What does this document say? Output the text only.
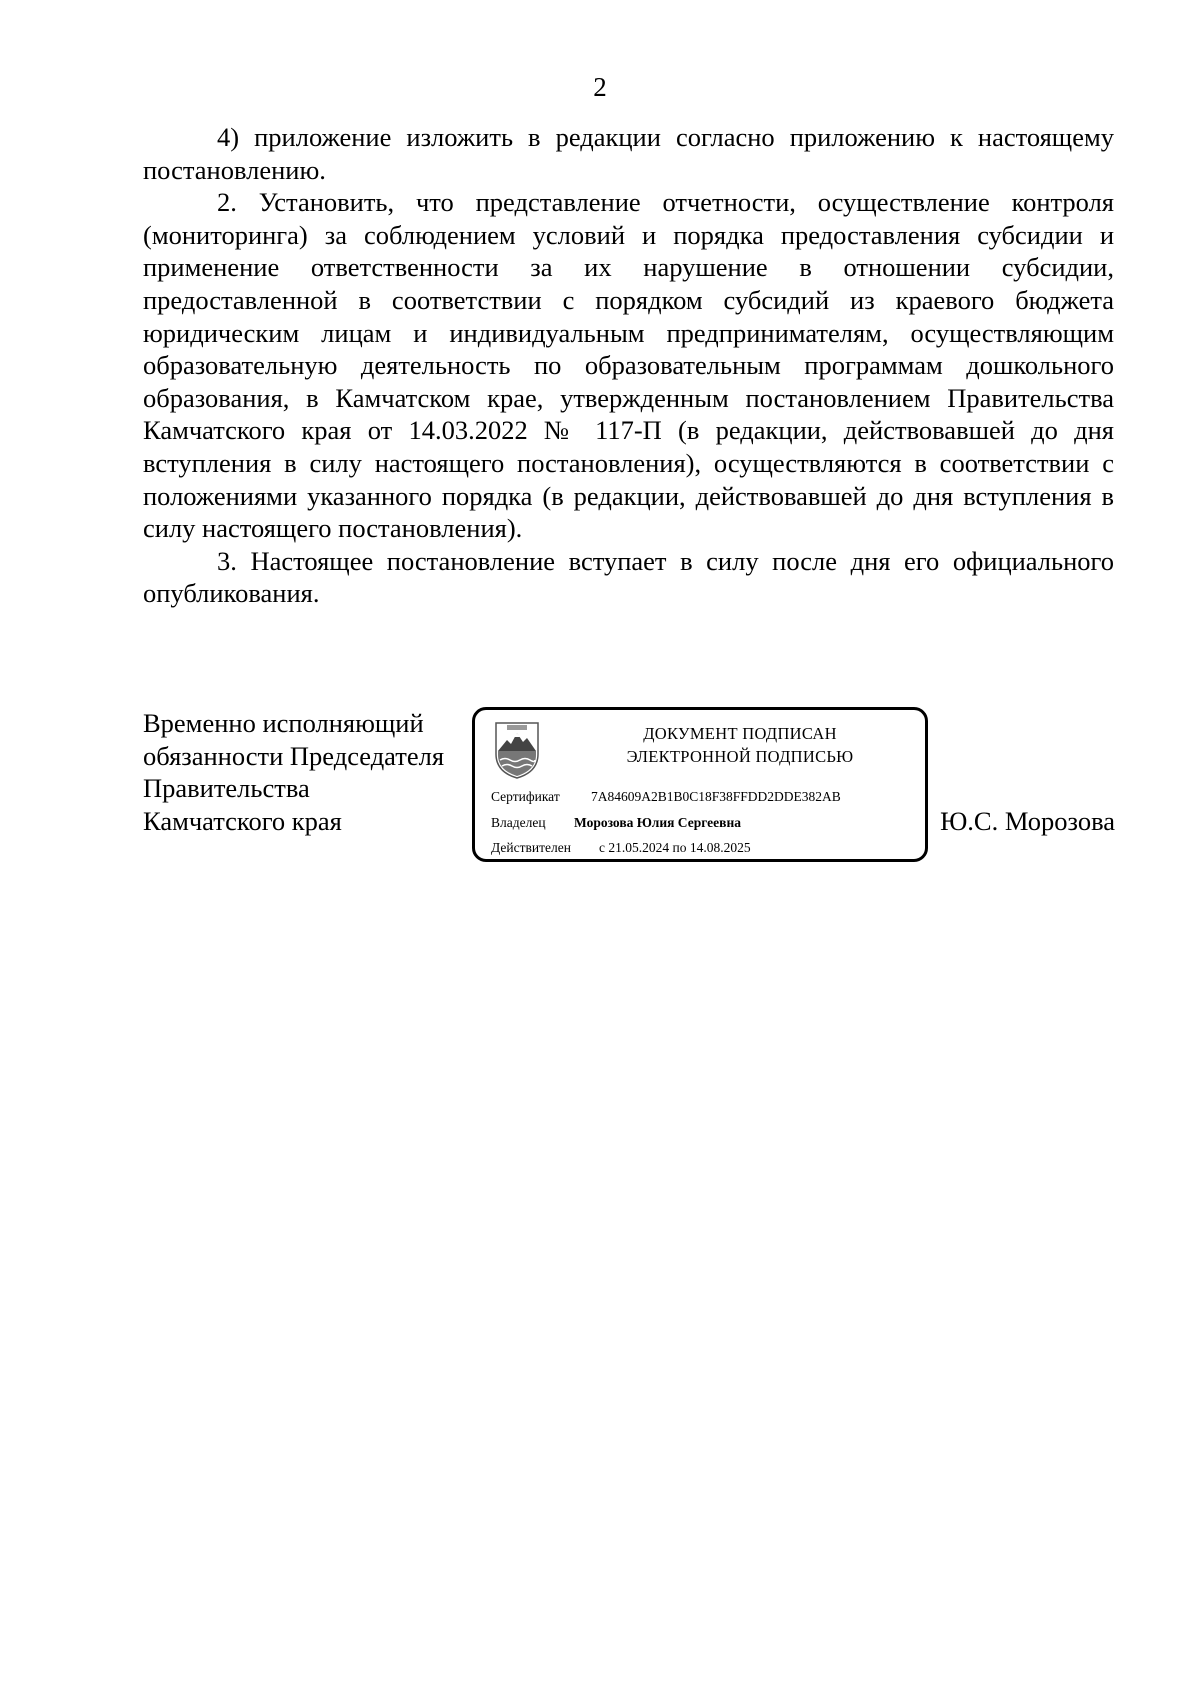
2

4) приложение изложить в редакции согласно приложению к настоящему постановлению.

2. Установить, что представление отчетности, осуществление контроля (мониторинга) за соблюдением условий и порядка предоставления субсидии и применение ответственности за их нарушение в отношении субсидии, предоставленной в соответствии с порядком субсидий из краевого бюджета юридическим лицам и индивидуальным предпринимателям, осуществляющим образовательную деятельность по образовательным программам дошкольного образования, в Камчатском крае, утвержденным постановлением Правительства Камчатского края от 14.03.2022 № 117-П (в редакции, действовавшей до дня вступления в силу настоящего постановления), осуществляются в соответствии с положениями указанного порядка (в редакции, действовавшей до дня вступления в силу настоящего постановления).

3. Настоящее постановление вступает в силу после дня его официального опубликования.

Временно исполняющий
обязанности Председателя
Правительства
Камчатского края
ДОКУМЕНТ ПОДПИСАН
ЭЛЕКТРОННОЙ ПОДПИСЬЮ
Сертификат 7A84609A2B1B0C18F38FFDD2DDE382AB
Владелец Морозова Юлия Сергеевна
Действителен с 21.05.2024 по 14.08.2025
Ю.С. Морозова
